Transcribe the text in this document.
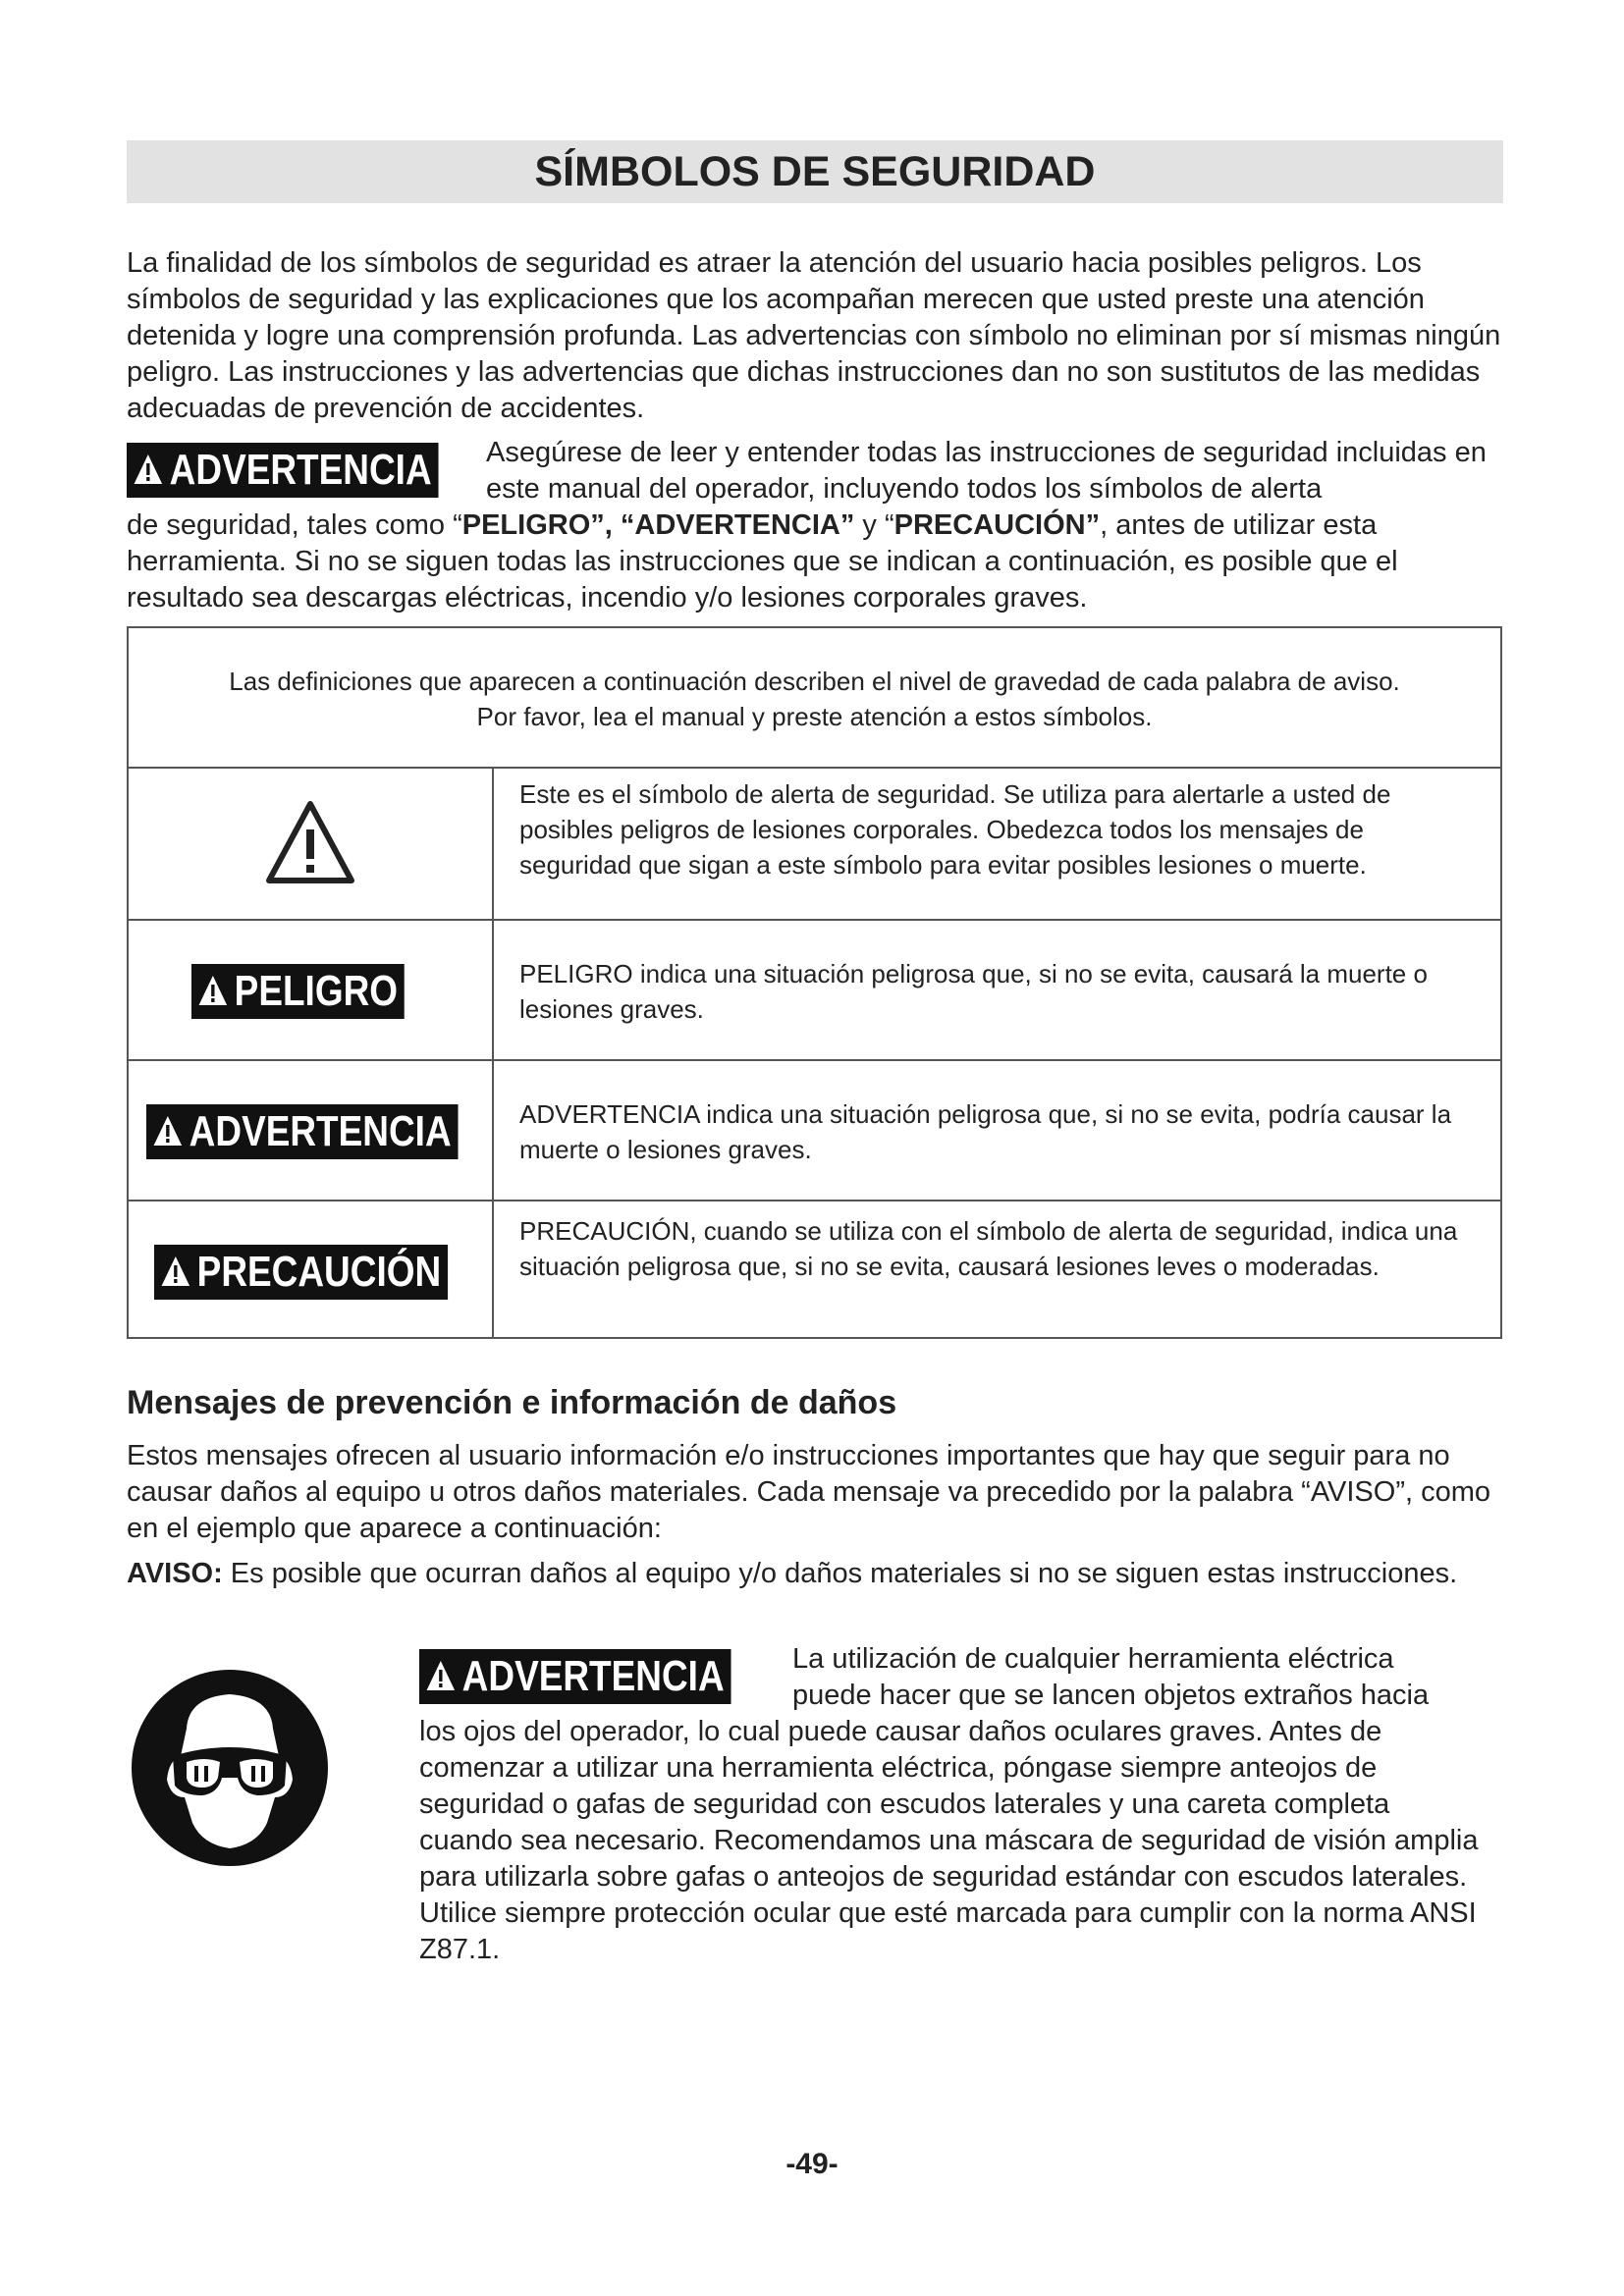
SÍMBOLOS DE SEGURIDAD

La finalidad de los símbolos de seguridad es atraer la atención del usuario hacia posibles peligros. Los símbolos de seguridad y las explicaciones que los acompañan merecen que usted preste una atención detenida y logre una comprensión profunda. Las advertencias con símbolo no eliminan por sí mismas ningún peligro. Las instrucciones y las advertencias que dichas instrucciones dan no son sustitutos de las medidas adecuadas de prevención de accidentes.

ADVERTENCIA Asegúrese de leer y entender todas las instrucciones de seguridad incluidas en este manual del operador, incluyendo todos los símbolos de alerta
de seguridad, tales como “PELIGRO”, “ADVERTENCIA” y “PRECAUCIÓN”, antes de utilizar esta herramienta. Si no se siguen todas las instrucciones que se indican a continuación, es posible que el resultado sea descargas eléctricas, incendio y/o lesiones corporales graves.
Las definiciones que aparecen a continuación describen el nivel de gravedad de cada palabra de aviso.
Por favor, lea el manual y preste atención a estos símbolos.
Este es el símbolo de alerta de seguridad. Se utiliza para alertarle a usted de posibles peligros de lesiones corporales. Obedezca todos los mensajes de seguridad que sigan a este símbolo para evitar posibles lesiones o muerte.
PELIGRO	PELIGRO indica una situación peligrosa que, si no se evita, causará la muerte o lesiones graves.
ADVERTENCIA	ADVERTENCIA indica una situación peligrosa que, si no se evita, podría causar la muerte o lesiones graves.
PRECAUCIÓN
PRECAUCIÓN, cuando se utiliza con el símbolo de alerta de seguridad, indica una situación peligrosa que, si no se evita, causará lesiones leves o moderadas.
Mensajes de prevención e información de daños

Estos mensajes ofrecen al usuario información e/o instrucciones importantes que hay que seguir para no causar daños al equipo u otros daños materiales. Cada mensaje va precedido por la palabra “AVISO”, como en el ejemplo que aparece a continuación:

AVISO: Es posible que ocurran daños al equipo y/o daños materiales si no se siguen estas instrucciones.

ADVERTENCIA La utilización de cualquier herramienta eléctrica puede hacer que se lancen objetos extraños hacia
los ojos del operador, lo cual puede causar daños oculares graves. Antes de comenzar a utilizar una herramienta eléctrica, póngase siempre anteojos de seguridad o gafas de seguridad con escudos laterales y una careta completa cuando sea necesario. Recomendamos una máscara de seguridad de visión amplia para utilizarla sobre gafas o anteojos de seguridad estándar con escudos laterales. Utilice siempre protección ocular que esté marcada para cumplir con la norma ANSI Z87.1.
-49-
